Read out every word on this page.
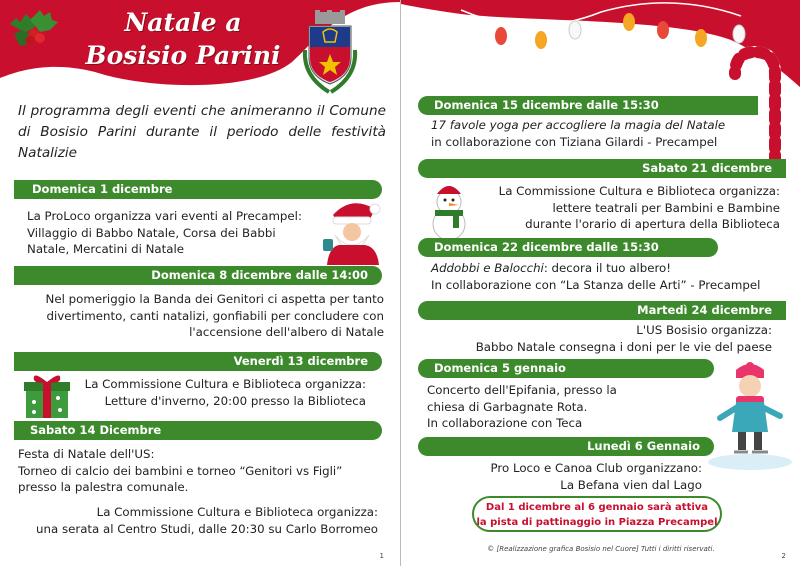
Natale a
Bosisio Parini
Il programma degli eventi che animeranno il Comune di Bosisio Parini durante il periodo delle festività Natalizie
Domenica 1 dicembre
La ProLoco organizza vari eventi al Precampel:
Villaggio di Babbo Natale, Corsa dei Babbi
Natale, Mercatini di Natale
Domenica 8 dicembre dalle 14:00
Nel pomeriggio la Banda dei Genitori ci aspetta per tanto
divertimento, canti natalizi, gonfiabili per concludere con
l'accensione dell'albero di Natale
Venerdì 13 dicembre
La Commissione Cultura e Biblioteca organizza:
Letture d'inverno, 20:00 presso la Biblioteca
Sabato 14 Dicembre
Festa di Natale dell'US:
Torneo di calcio dei bambini e torneo “Genitori vs Figli”
presso la palestra comunale.
La Commissione Cultura e Biblioteca organizza:
una serata al Centro Studi, dalle 20:30 su Carlo Borromeo
1
Domenica 15 dicembre dalle 15:30
17 favole yoga per accogliere la magia del Natale
in collaborazione con Tiziana Gilardi - Precampel
Sabato 21 dicembre
La Commissione Cultura e Biblioteca organizza:
lettere teatrali per Bambini e Bambine
durante l'orario di apertura della Biblioteca
Domenica 22 dicembre dalle 15:30
Addobbi e Balocchi: decora il tuo albero!
In collaborazione con “La Stanza delle Arti” - Precampel
Martedì 24 dicembre
L'US Bosisio organizza:
Babbo Natale consegna i doni per le vie del paese
Domenica 5 gennaio
Concerto dell'Epifania, presso la
chiesa di Garbagnate Rota.
In collaborazione con Teca
Lunedì 6 Gennaio
Pro Loco e Canoa Club organizzano:
La Befana vien dal Lago
Dal 1 dicembre al 6 gennaio sarà attiva
la pista di pattinaggio in Piazza Precampel
© [Realizzazione grafica Bosisio nel Cuore] Tutti i diritti riservati.
2
